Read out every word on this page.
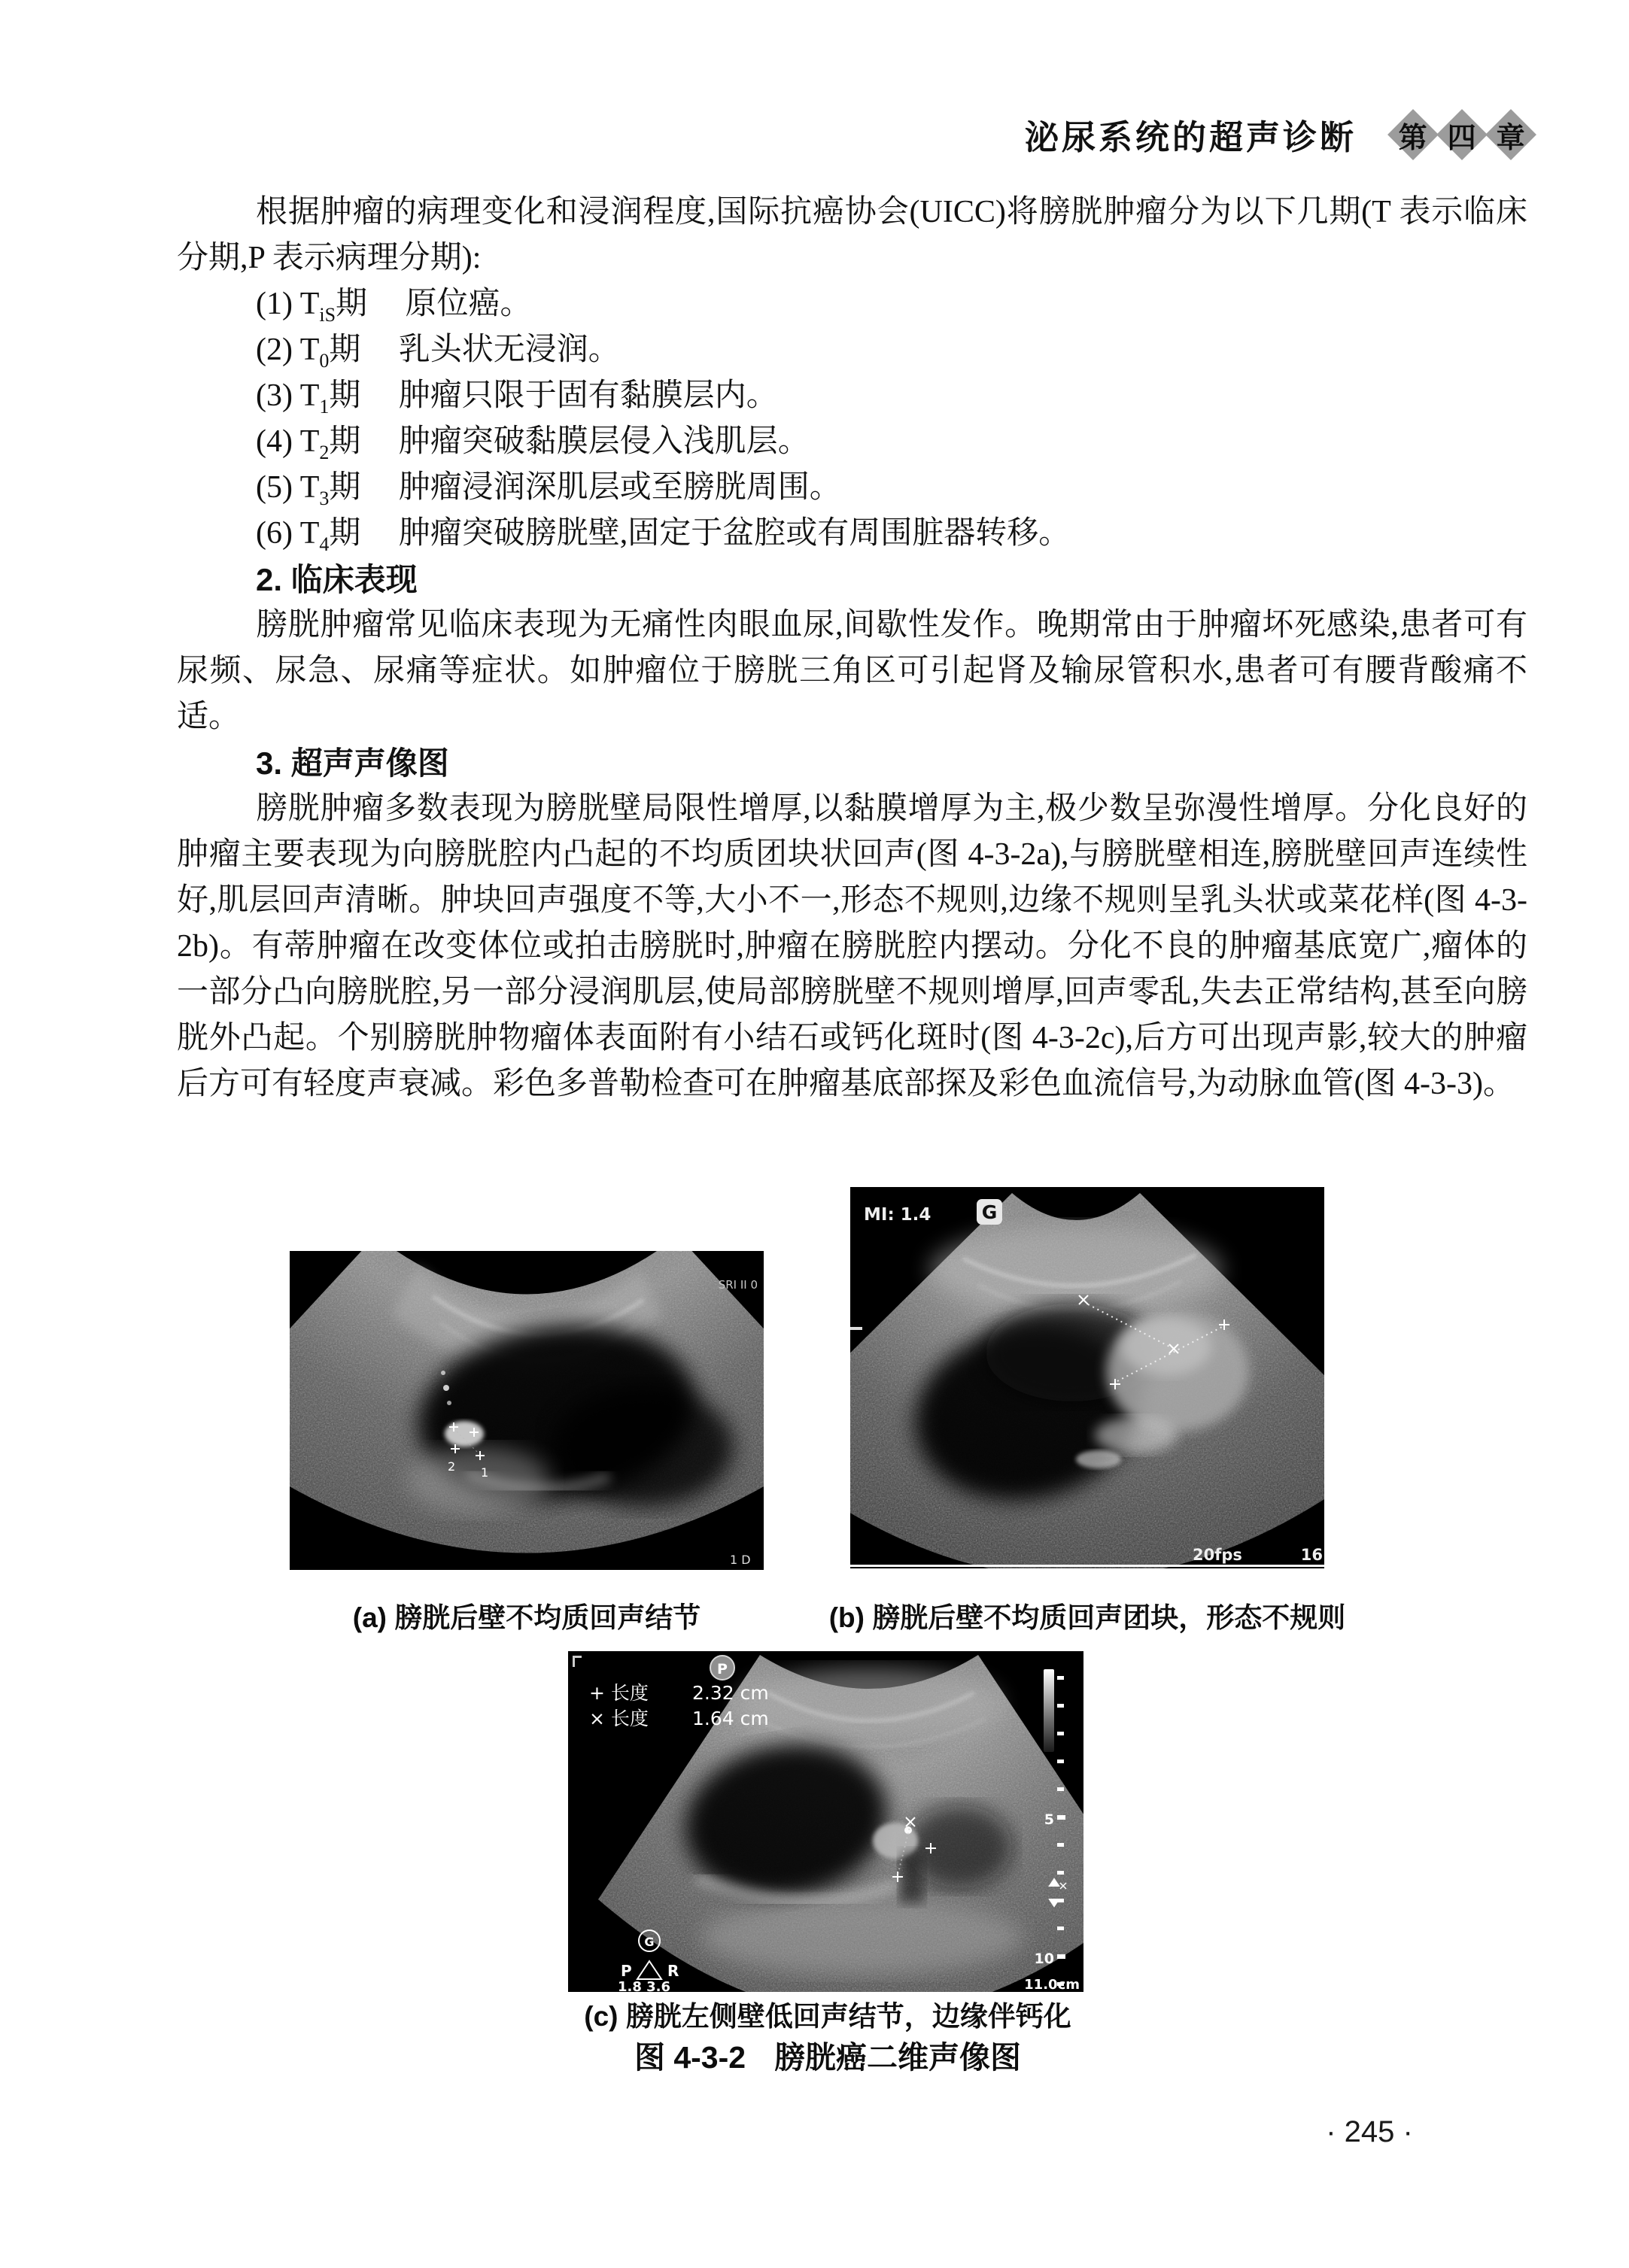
泌尿系统的超声诊断 第 四 章

根据肿瘤的病理变化和浸润程度,国际抗癌协会(UICC)将膀胱肿瘤分为以下几期(T 表示临床分期,P 表示病理分期):

(1) $T_{iS}$期 原位癌。
(2) $T_0$期 乳头状无浸润。
(3) $T_1$期 肿瘤只限于固有黏膜层内。
(4) $T_2$期 肿瘤突破黏膜层侵入浅肌层。
(5) $T_3$期 肿瘤浸润深肌层或至膀胱周围。
(6) $T_4$期 肿瘤突破膀胱壁,固定于盆腔或有周围脏器转移。
2. 临床表现

膀胱肿瘤常见临床表现为无痛性肉眼血尿,间歇性发作。晚期常由于肿瘤坏死感染,患者可有尿频、尿急、尿痛等症状。如肿瘤位于膀胱三角区可引起肾及输尿管积水,患者可有腰背酸痛不适。

3. 超声声像图

膀胱肿瘤多数表现为膀胱壁局限性增厚,以黏膜增厚为主,极少数呈弥漫性增厚。分化良好的肿瘤主要表现为向膀胱腔内凸起的不均质团块状回声(图 4-3-2a),与膀胱壁相连,膀胱壁回声连续性好,肌层回声清晰。肿块回声强度不等,大小不一,形态不规则,边缘不规则呈乳头状或菜花样(图 4-3-2b)。有蒂肿瘤在改变体位或拍击膀胱时,肿瘤在膀胱腔内摆动。分化不良的肿瘤基底宽广,瘤体的一部分凸向膀胱腔,另一部分浸润肌层,使局部膀胱壁不规则增厚,回声零乱,失去正常结构,甚至向膀胱外凸起。个别膀胱肿物瘤体表面附有小结石或钙化斑时(图 4-3-2c),后方可出现声影,较大的肿瘤后方可有轻度声衰减。彩色多普勒检查可在肿瘤基底部探及彩色血流信号,为动脉血管(图 4-3-3)。

2 1
SRI II 0
1 D
MI: 1.4	G
20fps	16
+ 长度 2.32 cm
× 长度 1.64 cm
P
5
10
11.0cm
G
P R
1.8 3.6
(a) 膀胱后壁不均质回声结节	(b) 膀胱后壁不均质回声团块，形态不规则
(c) 膀胱左侧壁低回声结节，边缘伴钙化
图 4-3-2 膀胱癌二维声像图
· 245 ·
